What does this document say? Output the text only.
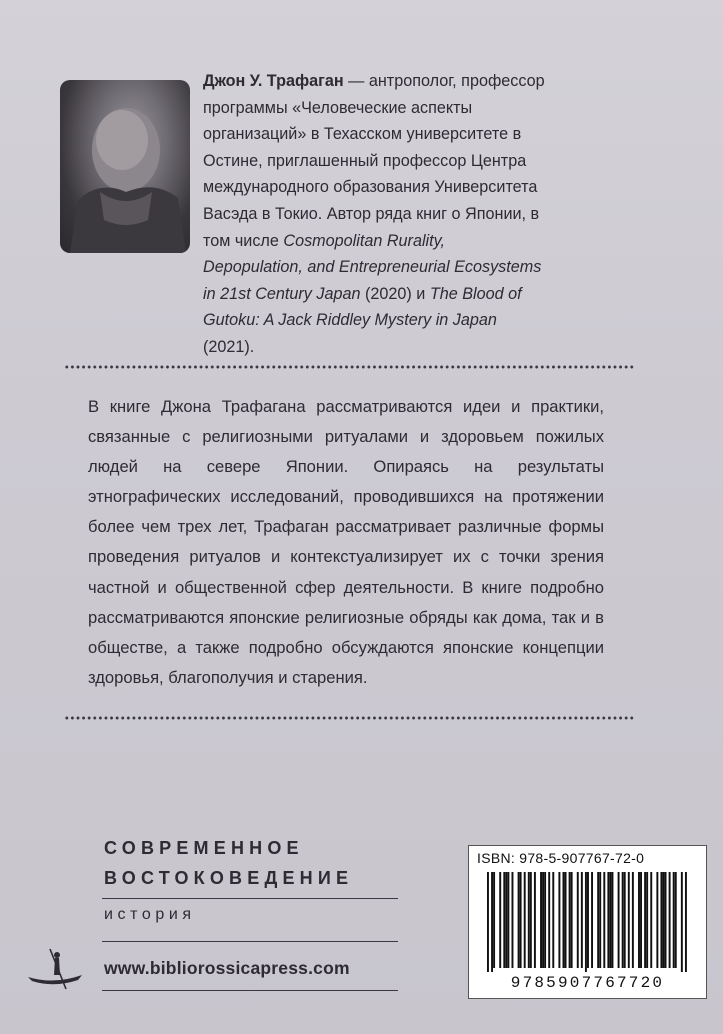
Джон У. Трафаган — антрополог, профессор программы «Человеческие аспекты организаций» в Техасском университете в Остине, приглашенный профессор Центра международного образования Университета Васэда в Токио. Автор ряда книг о Японии, в том числе Cosmopolitan Rurality, Depopulation, and Entrepreneurial Ecosystems in 21st Century Japan (2020) и The Blood of Gutoku: A Jack Riddley Mystery in Japan (2021).

В книге Джона Трафагана рассматриваются идеи и практики, связанные с религиозными ритуалами и здоровьем пожилых людей на севере Японии. Опираясь на результаты этнографических исследований, проводившихся на протяжении более чем трех лет, Трафаган рассматривает различные формы проведения ритуалов и контекстуализирует их с точки зрения частной и общественной сфер деятельности. В книге подробно рассматриваются японские религиозные обряды как дома, так и в обществе, а также подробно обсуждаются японские концепции здоровья, благополучия и старения.

СОВРЕМЕННОЕ
ВОСТОКОВЕДЕНИЕ
история
www.bibliorossicapress.com
ISBN: 978-5-907767-72-0
9785907767720
